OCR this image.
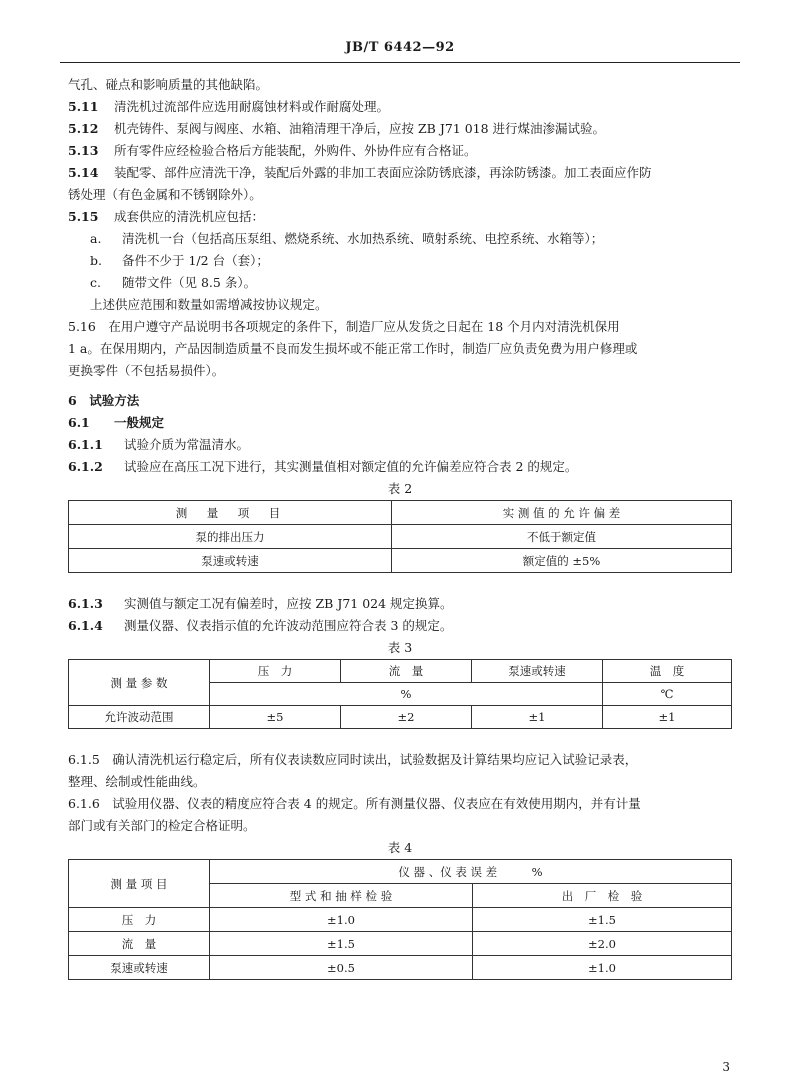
JB/T 6442—92
气孔、碰点和影响质量的其他缺陷。
5.11 清洗机过流部件应选用耐腐蚀材料或作耐腐处理。
5.12 机壳铸件、泵阀与阀座、水箱、油箱清理干净后，应按 ZB J71 018 进行煤油渗漏试验。
5.13 所有零件应经检验合格后方能装配，外购件、外协件应有合格证。
5.14 装配零、部件应清洗干净，装配后外露的非加工表面应涂防锈底漆，再涂防锈漆。加工表面应作防
锈处理（有色金属和不锈钢除外）。
5.15 成套供应的清洗机应包括：
a. 清洗机一台（包括高压泵组、燃烧系统、水加热系统、喷射系统、电控系统、水箱等）；
b. 备件不少于 1/2 台（套）；
c. 随带文件（见 8.5 条）。
上述供应范围和数量如需增减按协议规定。
5.16　在用户遵守产品说明书各项规定的条件下，制造厂应从发货之日起在 18 个月内对清洗机保用
1 a。在保用期内，产品因制造质量不良而发生损坏或不能正常工作时，制造厂应负责免费为用户修理或
更换零件（不包括易损件）。
6　 试验方法
6.1 一般规定
6.1.1 试验介质为常温清水。
6.1.2 试验应在高压工况下进行，其实测量值相对额定值的允许偏差应符合表 2 的规定。
表 2
测　量　项　目	实 测 值 的 允 许 偏 差
泵的排出压力	不低于额定值
泵速或转速	额定值的 ±5%
6.1.3 实测值与额定工况有偏差时，应按 ZB J71 024 规定换算。
6.1.4 测量仪器、仪表指示值的允许波动范围应符合表 3 的规定。
表 3
测 量 参 数	压　力	流　量	泵速或转速	温　度
	%			℃
允许波动范围	±5	±2	±1	±1
6.1.5　确认清洗机运行稳定后，所有仪表读数应同时读出，试验数据及计算结果均应记入试验记录表，
整理、绘制或性能曲线。
6.1.6　试验用仪器、仪表的精度应符合表 4 的规定。所有测量仪器、仪表应在有效使用期内，并有计量
部门或有关部门的检定合格证明。
表 4
测 量 项 目	仪 器 、仪 表 误 差　　　%	
	型 式 和 抽 样 检 验	出　厂　检　验
压　力	±1.0	±1.5
流　量	±1.5	±2.0
泵速或转速	±0.5	±1.0
3
